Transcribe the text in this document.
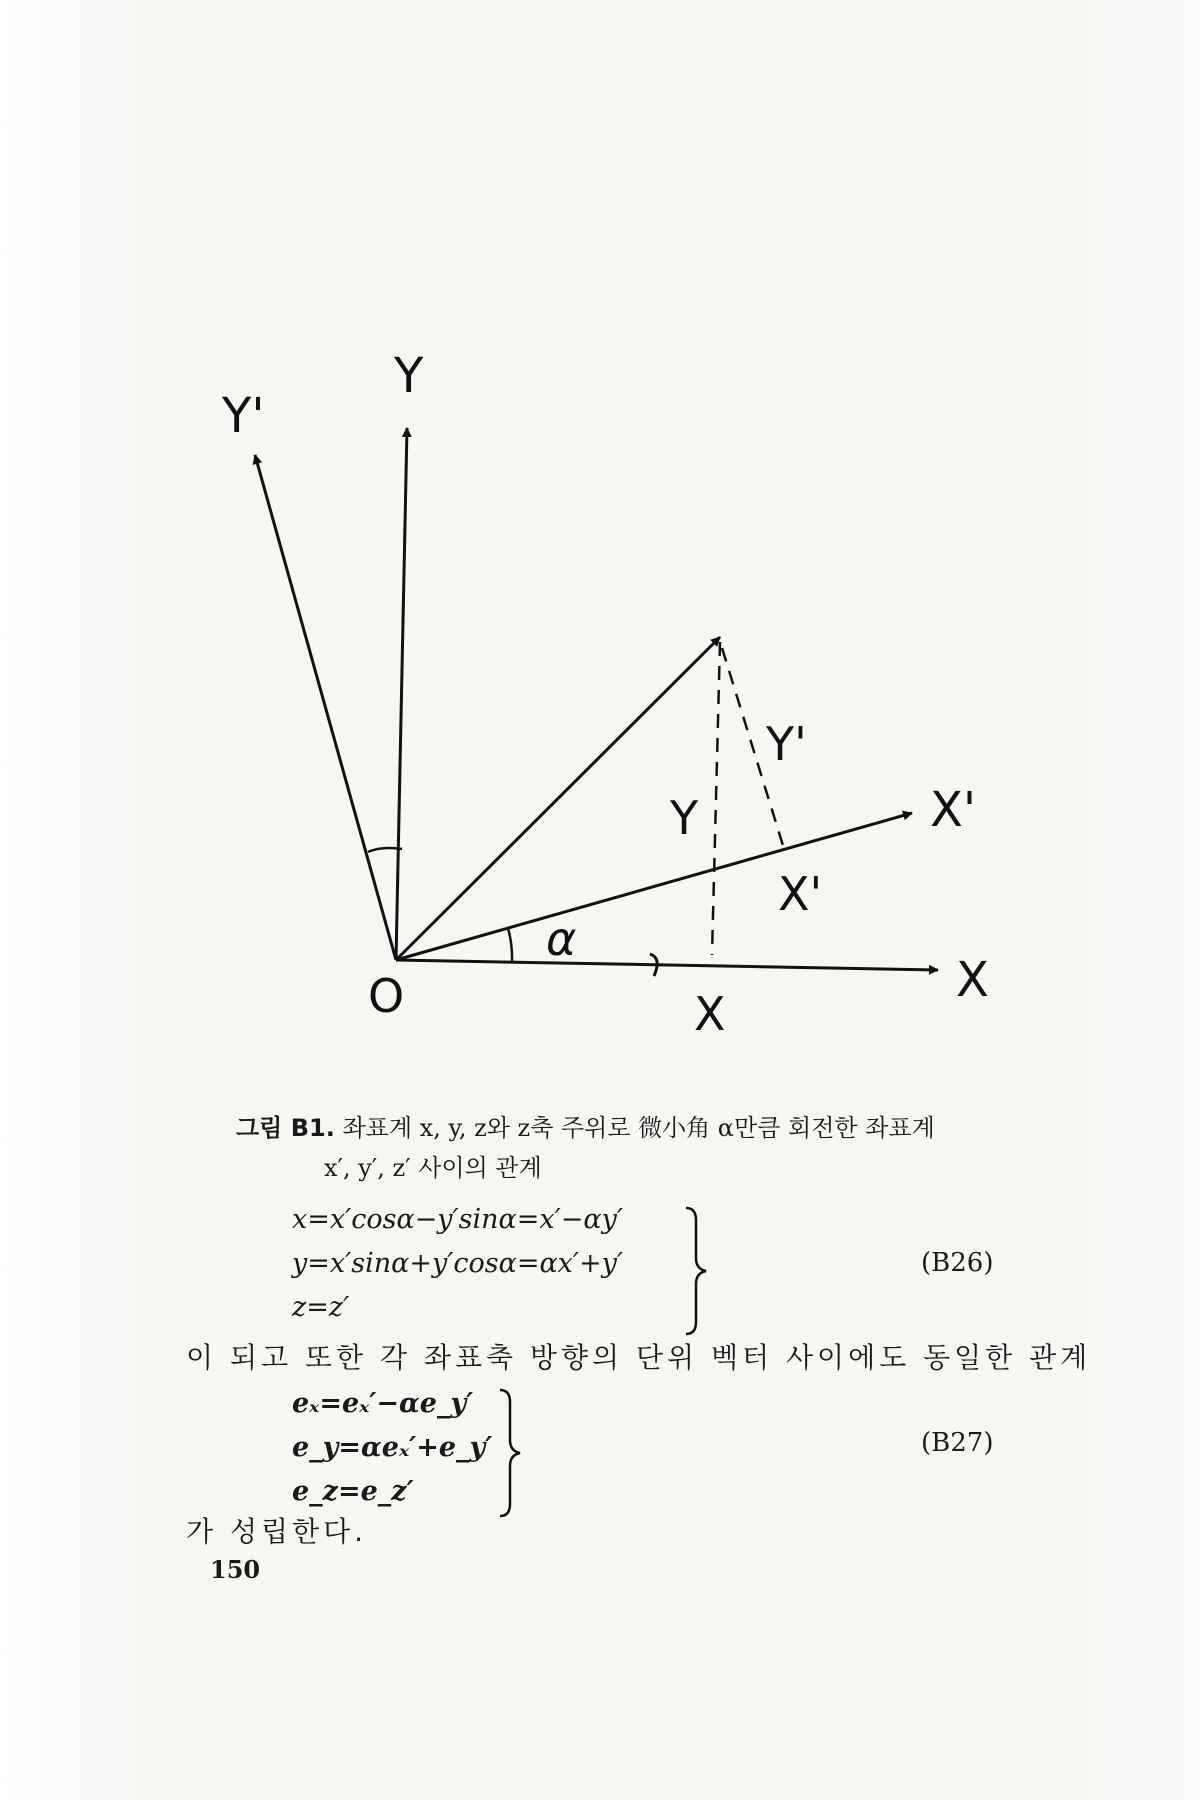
Y
Y'
X
X'
O
α
Y
Y'
X'
X
그림 B1. 좌표계 x, y, z와 z축 주위로 微小角 α만큼 회전한 좌표계
x′, y′, z′ 사이의 관계
x=x′cosα−y′sinα=x′−αy′
y=x′sinα+y′cosα=αx′+y′
z=z′
(B26)
이 되고 또한 각 좌표축 방향의 단위 벡터 사이에도 동일한 관계
eₓ=eₓ′−αe_y′
e_y=αeₓ′+e_y′
e_z=e_z′
(B27)
가 성립한다.
150
